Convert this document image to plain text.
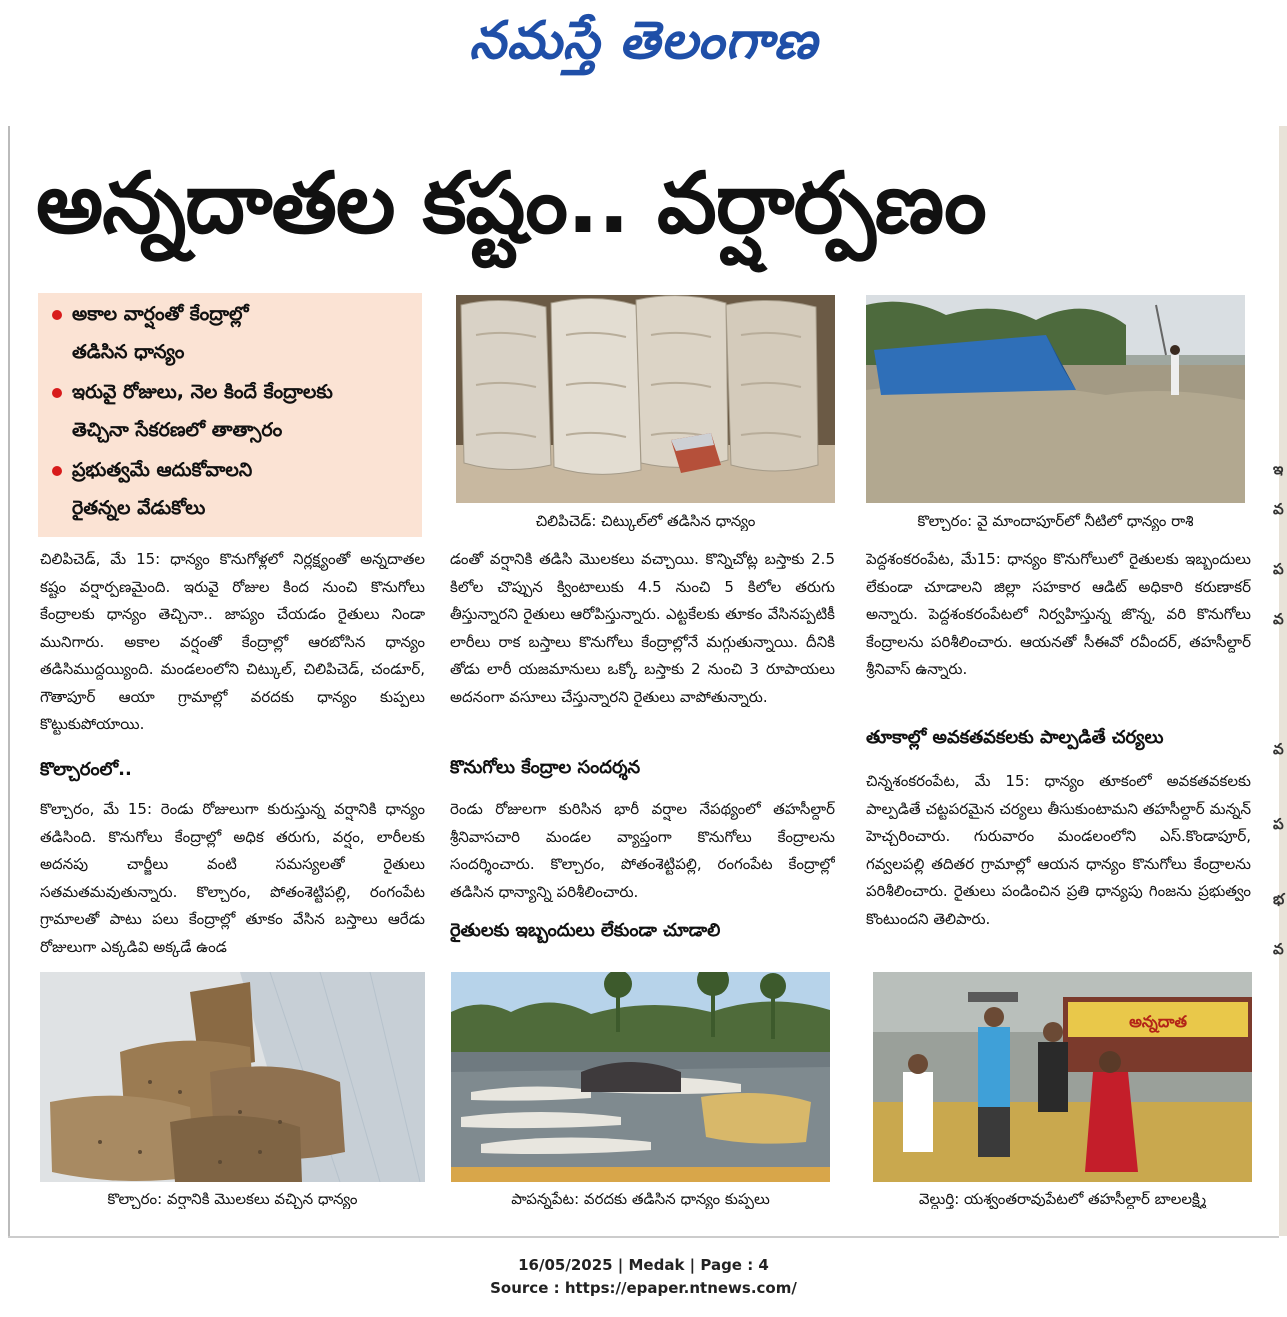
నమస్తే తెలంగాణ
ఇ
వ
ప
వ
వ
ప
భ
వ
అన్నదాతల కష్టం.. వర్షార్పణం
అకాల వార్షంతో కేంద్రాల్లో
తడిసిన ధాన్యం
ఇరువై రోజులు, నెల కిందే కేంద్రాలకు
తెచ్చినా సేకరణలో తాత్సారం
ప్రభుత్వమే ఆదుకోవాలని
రైతన్నల వేడుకోలు
చిలిపిచెడ్: చిట్కుల్‌లో తడిసిన ధాన్యం	కొల్చారం: వై మాందాపూర్‌లో నీటిలో ధాన్యం రాశి
చిలిపిచెడ్, మే 15: ధాన్యం కొనుగోళ్లలో నిర్లక్ష్యంతో అన్నదాతల కష్టం వర్షార్పణమైంది. ఇరువై రోజుల కింద నుంచి కొనుగోలు కేంద్రాలకు ధాన్యం తెచ్చినా.. జాప్యం చేయడం రైతులు నిండా మునిగారు. అకాల వర్షంతో కేంద్రాల్లో ఆరబోసిన ధాన్యం తడిసిముద్దయ్యింది. మండలంలోని చిట్కుల్, చిలిపిచెడ్, చండూర్, గౌతాపూర్ ఆయా గ్రామాల్లో వరదకు ధాన్యం కుప్పలు కొట్టుకుపోయాయి.
కొల్చారంలో..
కొల్చారం, మే 15: రెండు రోజులుగా కురుస్తున్న వర్షానికి ధాన్యం తడిసింది. కొనుగోలు కేంద్రాల్లో అధిక తరుగు, వర్షం, లారీలకు అదనపు చార్జీలు వంటి సమస్యలతో రైతులు సతమతమవుతున్నారు. కొల్చారం, పోతంశెట్టిపల్లి, రంగంపేట గ్రామాలతో పాటు పలు కేంద్రాల్లో తూకం వేసిన బస్తాలు ఆరేడు రోజులుగా ఎక్కడివి అక్కడే ఉండ
డంతో వర్షానికి తడిసి మొలకలు వచ్చాయి. కొన్నిచోట్ల బస్తాకు 2.5 కిలోల చొప్పున క్వింటాలుకు 4.5 నుంచి 5 కిలోల తరుగు తీస్తున్నారని రైతులు ఆరోపిస్తున్నారు. ఎట్టకేలకు తూకం వేసినప్పటికీ లారీలు రాక బస్తాలు కొనుగోలు కేంద్రాల్లోనే మగ్గుతున్నాయి. దీనికి తోడు లారీ యజమానులు ఒక్కో బస్తాకు 2 నుంచి 3 రూపాయలు అదనంగా వసూలు చేస్తున్నారని రైతులు వాపోతున్నారు.
కొనుగోలు కేంద్రాల సందర్శన
రెండు రోజులగా కురిసిన భారీ వర్షాల నేపథ్యంలో తహసీల్దార్ శ్రీనివాసచారి మండల వ్యాప్తంగా కొనుగోలు కేంద్రాలను సందర్శించారు. కొల్చారం, పోతంశెట్టిపల్లి, రంగంపేట కేంద్రాల్లో తడిసిన ధాన్యాన్ని పరిశీలించారు.
రైతులకు ఇబ్బందులు లేకుండా చూడాలి
పెద్దశంకరంపేట, మే15: ధాన్యం కొనుగోలులో రైతులకు ఇబ్బందులు లేకుండా చూడాలని జిల్లా సహకార ఆడిట్ అధికారి కరుణాకర్ అన్నారు. పెద్దశంకరంపేటలో నిర్వహిస్తున్న జొన్న, వరి కొనుగోలు కేంద్రాలను పరిశీలించారు. ఆయనతో సీఈవో రవీందర్, తహసీల్దార్ శ్రీనివాస్ ఉన్నారు.
తూకాల్లో అవకతవకలకు పాల్పడితే చర్యలు
చిన్నశంకరంపేట, మే 15: ధాన్యం తూకంలో అవకతవకలకు పాల్పడితే చట్టపరమైన చర్యలు తీసుకుంటామని తహసీల్దార్ మన్నన్ హెచ్చరించారు. గురువారం మండలంలోని ఎస్.కొండాపూర్, గవ్వలపల్లి తదితర గ్రామాల్లో ఆయన ధాన్యం కొనుగోలు కేంద్రాలను పరిశీలించారు. రైతులు పండించిన ప్రతి ధాన్యపు గింజను ప్రభుత్వం కొంటుందని తెలిపారు.
కొల్చారం: వర్షానికి మొలకలు వచ్చిన ధాన్యం	పాపన్నపేట: వరదకు తడిసిన ధాన్యం కుప్పలు
అన్నదాత
వెల్దుర్తి: యశ్వంతరావుపేటలో తహసీల్దార్ బాలలక్ష్మి
16/05/2025 | Medak | Page : 4
Source : https://epaper.ntnews.com/
